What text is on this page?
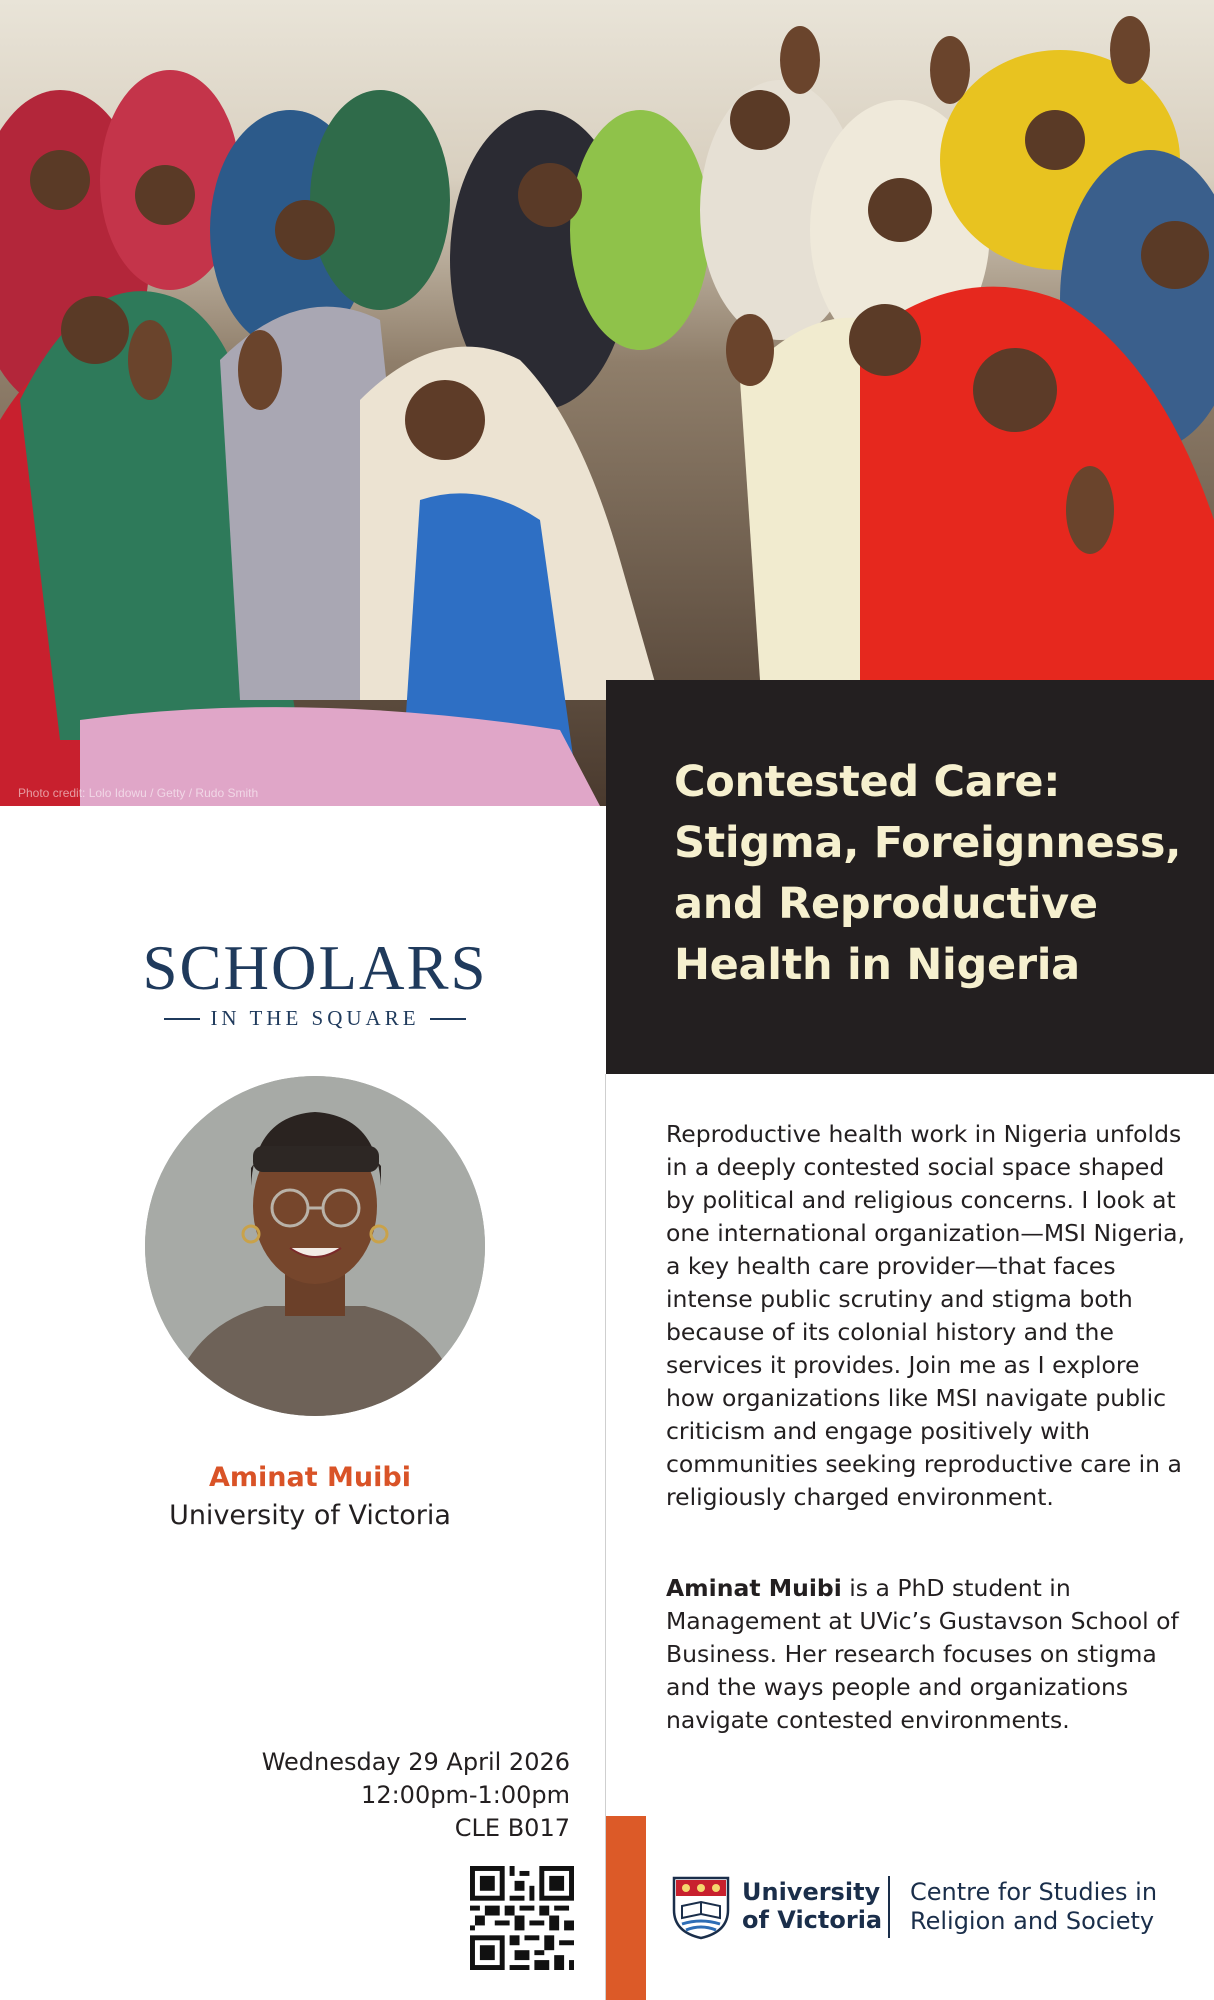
Photo credit: Lolo Idowu / Getty / Rudo Smith	Contested Care: Stigma, Foreignness, and Reproductive Health in Nigeria
SCHOLARS
IN THE SQUARE
Aminat Muibi
University of Victoria
Wednesday 29 April 2026
12:00pm-1:00pm
CLE B017
Reproductive health work in Nigeria unfolds in a deeply contested social space shaped by political and religious concerns. I look at one international organization—MSI Nigeria, a key health care provider—that faces intense public scrutiny and stigma both because of its colonial history and the services it provides. Join me as I explore how organizations like MSI navigate public criticism and engage positively with communities seeking reproductive care in a religiously charged environment.
Aminat Muibi is a PhD student in Management at UVic’s Gustavson School of Business. Her research focuses on stigma and the ways people and organizations navigate contested environments.
University
of Victoria
Centre for Studies in
Religion and Society
